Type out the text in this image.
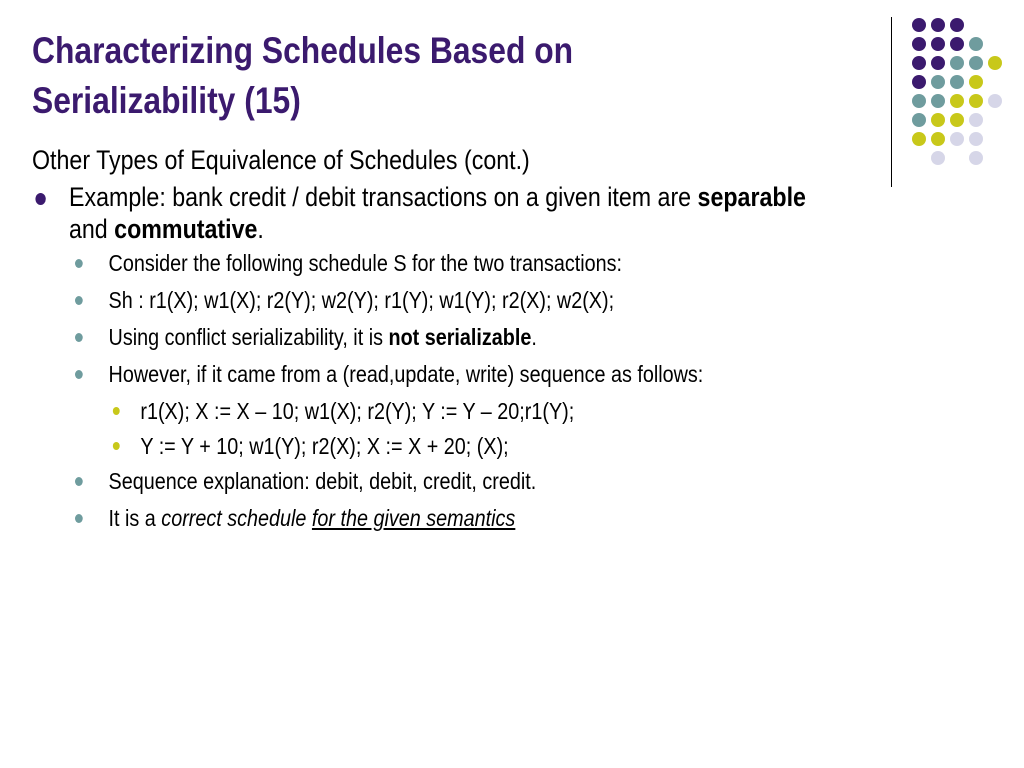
Characterizing Schedules Based on
Serializability (15)

Other Types of Equivalence of Schedules (cont.)

Example: bank credit / debit transactions on a given item are separable and commutative.
Consider the following schedule S for the two transactions:
Sh : r1(X); w1(X); r2(Y); w2(Y); r1(Y); w1(Y); r2(X); w2(X);
Using conflict serializability, it is not serializable.
However, if it came from a (read,update, write) sequence as follows:
r1(X); X := X – 10; w1(X); r2(Y); Y := Y – 20;r1(Y);
Y := Y + 10; w1(Y); r2(X); X := X + 20; (X);
Sequence explanation: debit, debit, credit, credit.
It is a correct schedule for the given semantics
